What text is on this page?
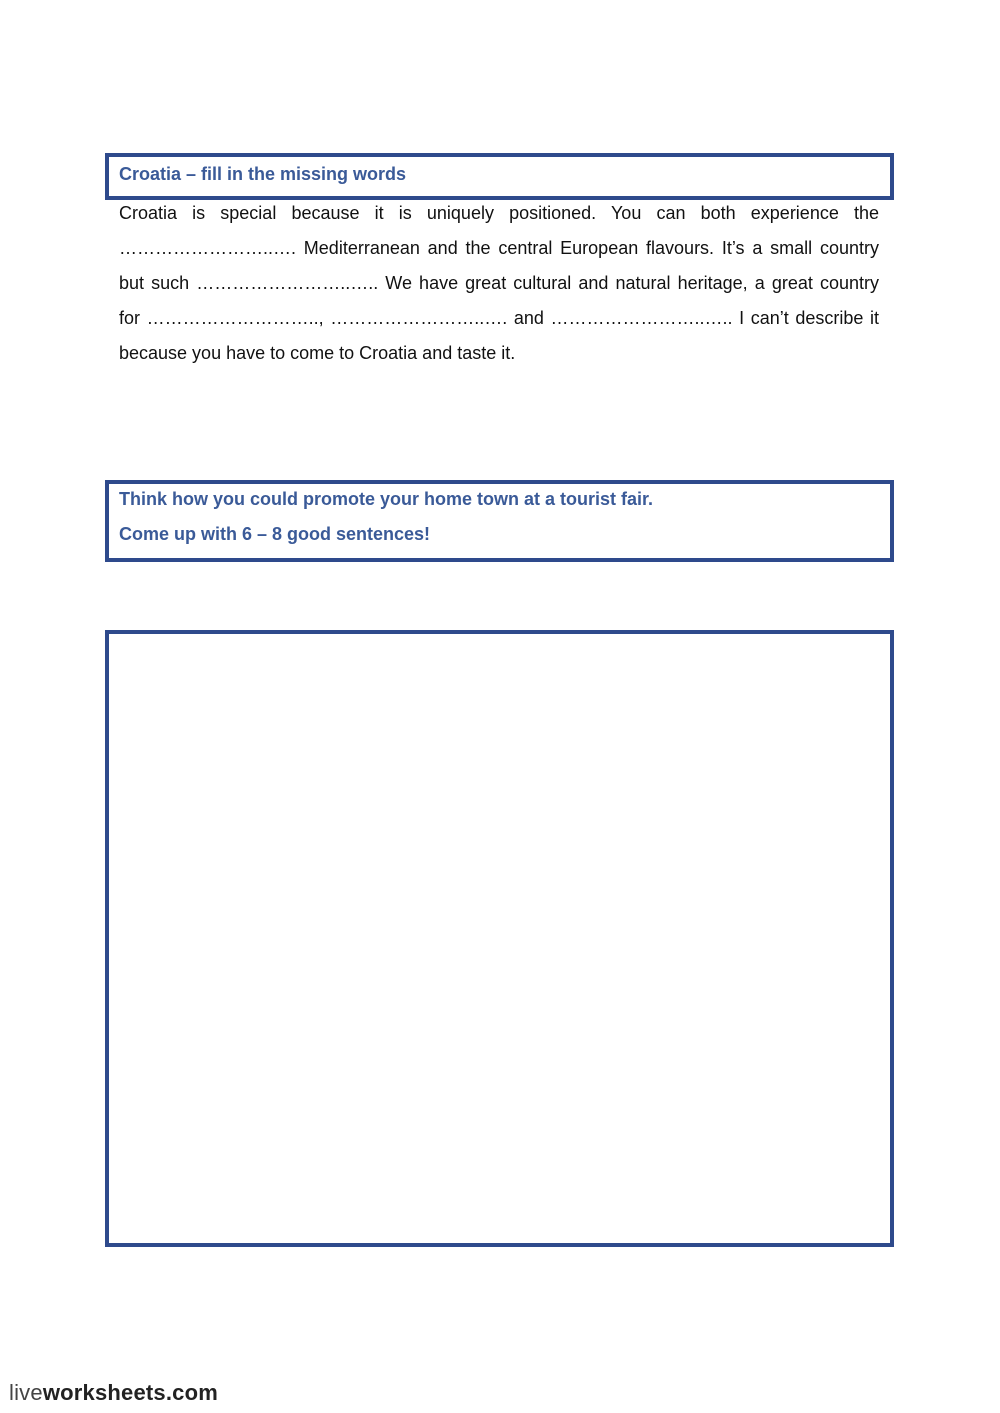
Croatia – fill in the missing words
Croatia is special because it is uniquely positioned. You can both experience the ……………………..…. Mediterranean and the central European flavours. It’s a small country but such ……………………..….. We have great cultural and natural heritage, a great country for ……………………….., ……………………..…. and ……………………..….. I can’t describe it because you have to come to Croatia and taste it.
Think how you could promote your home town at a tourist fair.
Come up with 6 – 8 good sentences!
liveworksheets.com
